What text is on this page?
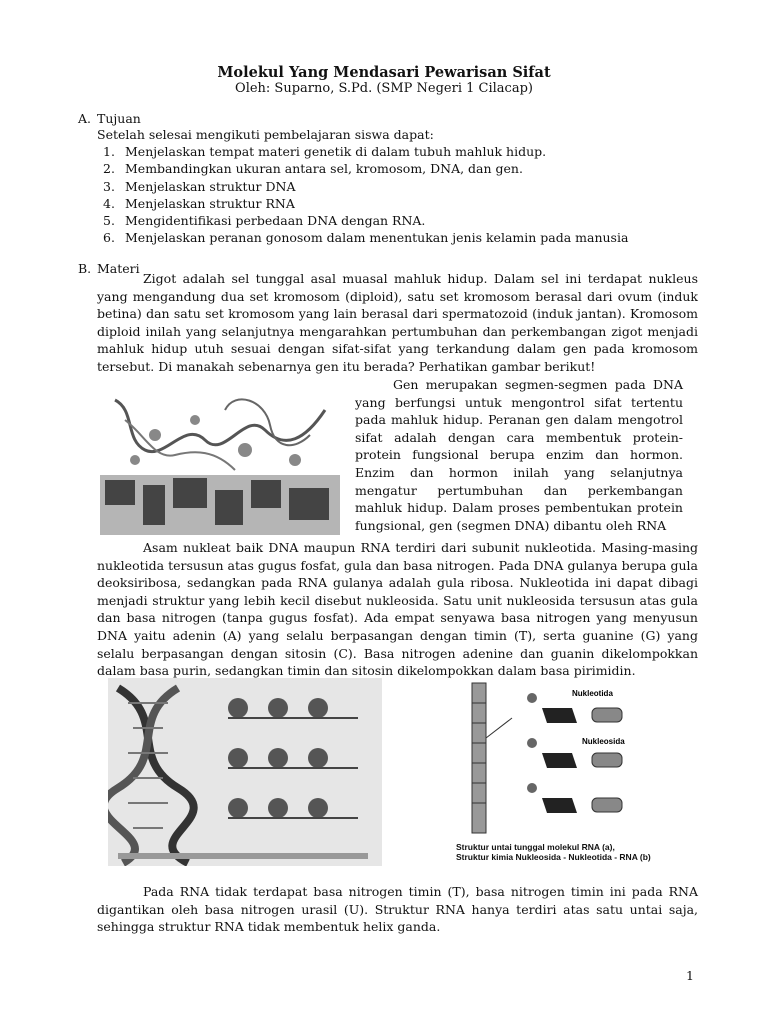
Molekul Yang Mendasari Pewarisan Sifat
Oleh: Suparno, S.Pd. (SMP Negeri 1 Cilacap)
A. Tujuan
Setelah selesai mengikuti pembelajaran siswa dapat:
1. Menjelaskan tempat materi genetik di dalam tubuh mahluk hidup.
2. Membandingkan ukuran antara sel, kromosom, DNA, dan gen.
3. Menjelaskan struktur DNA
4. Menjelaskan struktur RNA
5. Mengidentifikasi perbedaan DNA dengan RNA.
6. Menjelaskan peranan gonosom dalam menentukan jenis kelamin pada manusia
B. Materi
Zigot adalah sel tunggal asal muasal mahluk hidup. Dalam sel ini terdapat nukleus yang mengandung dua set kromosom (diploid), satu set kromosom berasal dari ovum (induk betina) dan satu set kromosom yang lain berasal dari spermatozoid (induk jantan). Kromosom diploid inilah yang selanjutnya mengarahkan pertumbuhan dan perkembangan zigot menjadi mahluk hidup utuh sesuai dengan sifat-sifat yang terkandung dalam gen pada kromosom tersebut. Di manakah sebenarnya gen itu berada? Perhatikan gambar berikut!
Gen merupakan segmen-segmen pada DNA yang berfungsi untuk mengontrol sifat tertentu pada mahluk hidup. Peranan gen dalam mengotrol sifat adalah dengan cara membentuk protein-protein fungsional berupa enzim dan hormon. Enzim dan hormon inilah yang selanjutnya mengatur pertumbuhan dan perkembangan mahluk hidup. Dalam proses pembentukan protein fungsional, gen (segmen DNA) dibantu oleh RNA
Asam nukleat baik DNA maupun RNA terdiri dari subunit nukleotida. Masing-masing nukleotida tersusun atas gugus fosfat, gula dan basa nitrogen. Pada DNA gulanya berupa gula deoksiribosa, sedangkan pada RNA gulanya adalah gula ribosa. Nukleotida ini dapat dibagi menjadi struktur yang lebih kecil disebut nukleosida. Satu unit nukleosida tersusun atas gula dan basa nitrogen (tanpa gugus fosfat). Ada empat senyawa basa nitrogen yang menyusun DNA yaitu adenin (A) yang selalu berpasangan dengan timin (T), serta guanine (G) yang selalu berpasangan dengan sitosin (C). Basa nitrogen adenine dan guanin dikelompokkan dalam basa purin, sedangkan timin dan sitosin dikelompokkan dalam basa pirimidin.
Nukleotida
Nukleosida
Struktur untai tunggal molekul RNA (a),
Struktur kimia Nukleosida - Nukleotida - RNA (b)
Pada RNA tidak terdapat basa nitrogen timin (T), basa nitrogen timin ini pada RNA digantikan oleh basa nitrogen urasil (U). Struktur RNA hanya terdiri atas satu untai saja, sehingga struktur RNA tidak membentuk helix ganda.
1
